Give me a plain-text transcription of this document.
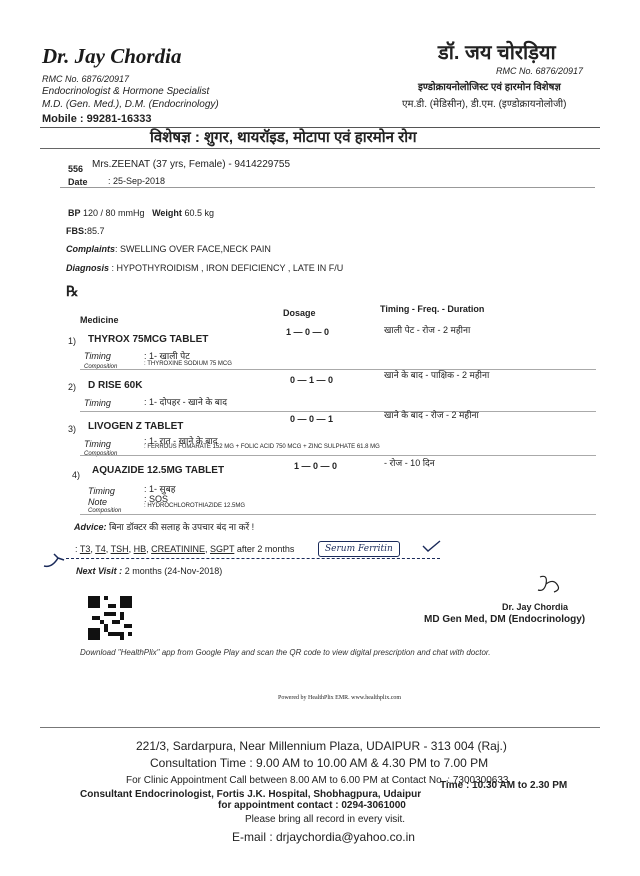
Dr. Jay Chordia
RMC No. 6876/20917
Endocrinologist & Hormone Specialist
M.D. (Gen. Med.), D.M. (Endocrinology)
Mobile : 99281-16333
डॉ. जय चोरड़िया
RMC No. 6876/20917
इण्डोक्रायनोलोजिस्ट एवं हारमोन विशेषज्ञ
एम.डी. (मेडिसीन), डी.एम. (इण्डोक्रायनोलोजी)
विशेषज्ञ : शुगर, थायरॉइड, मोटापा एवं हारमोन रोग
556 Mrs.ZEENAT (37 yrs, Female) - 9414229755
Date : 25-Sep-2018
BP 120 / 80 mmHg Weight 60.5 kg
FBS:85.7
Complaints: SWELLING OVER FACE,NECK PAIN
Diagnosis : HYPOTHYROIDISM , IRON DEFICIENCY , LATE IN F/U
℞
Medicine
Dosage	Timing - Freq. - Duration
1) THYROX 75MCG TABLET
1 — 0 — 0	खाली पेट - रोज - 2 महीना
Timing	: 1- खाली पेट
Composition	: THYROXINE SODIUM 75 MCG
2) D RISE 60K	0 — 1 — 0	खाने के बाद - पाक्षिक - 2 महीना
Timing	: 1- दोपहर - खाने के बाद
3) LIVOGEN Z TABLET
0 — 0 — 1	खाने के बाद - रोज - 2 महीना
Timing	: 1- रात - खाने के बाद
Composition
: FERROUS FUMARATE 152 MG + FOLIC ACID 750 MCG + ZINC SULPHATE 61.8 MG
4) AQUAZIDE 12.5MG TABLET	1 — 0 — 0	- रोज - 10 दिन
Timing	: 1- सुबह
Note	: SOS
Composition
: HYDROCHLOROTHIAZIDE 12.5MG
Advice: बिना डॉक्टर की सलाह के उपचार बंद ना करें !
: T3, T4, TSH, HB, CREATININE, SGPT after 2 months	Serum Ferritin
Next Visit : 2 months (24-Nov-2018)
Dr. Jay Chordia
MD Gen Med, DM (Endocrinology)
Download "HealthPlix" app from Google Play and scan the QR code to view digital prescription and chat with doctor.
Powered by HealthPlix EMR. www.healthplix.com
221/3, Sardarpura, Near Millennium Plaza, UDAIPUR - 313 004 (Raj.)
Consultation Time : 9.00 AM to 10.00 AM & 4.30 PM to 7.00 PM
For Clinic Appointment Call between 8.00 AM to 6.00 PM at Contact No. : 7300300633
Consultant Endocrinologist, Fortis J.K. Hospital, Shobhagpura, Udaipur
Time : 10.30 AM to 2.30 PM
for appointment contact : 0294-3061000
Please bring all record in every visit.
E-mail : drjaychordia@yahoo.co.in
